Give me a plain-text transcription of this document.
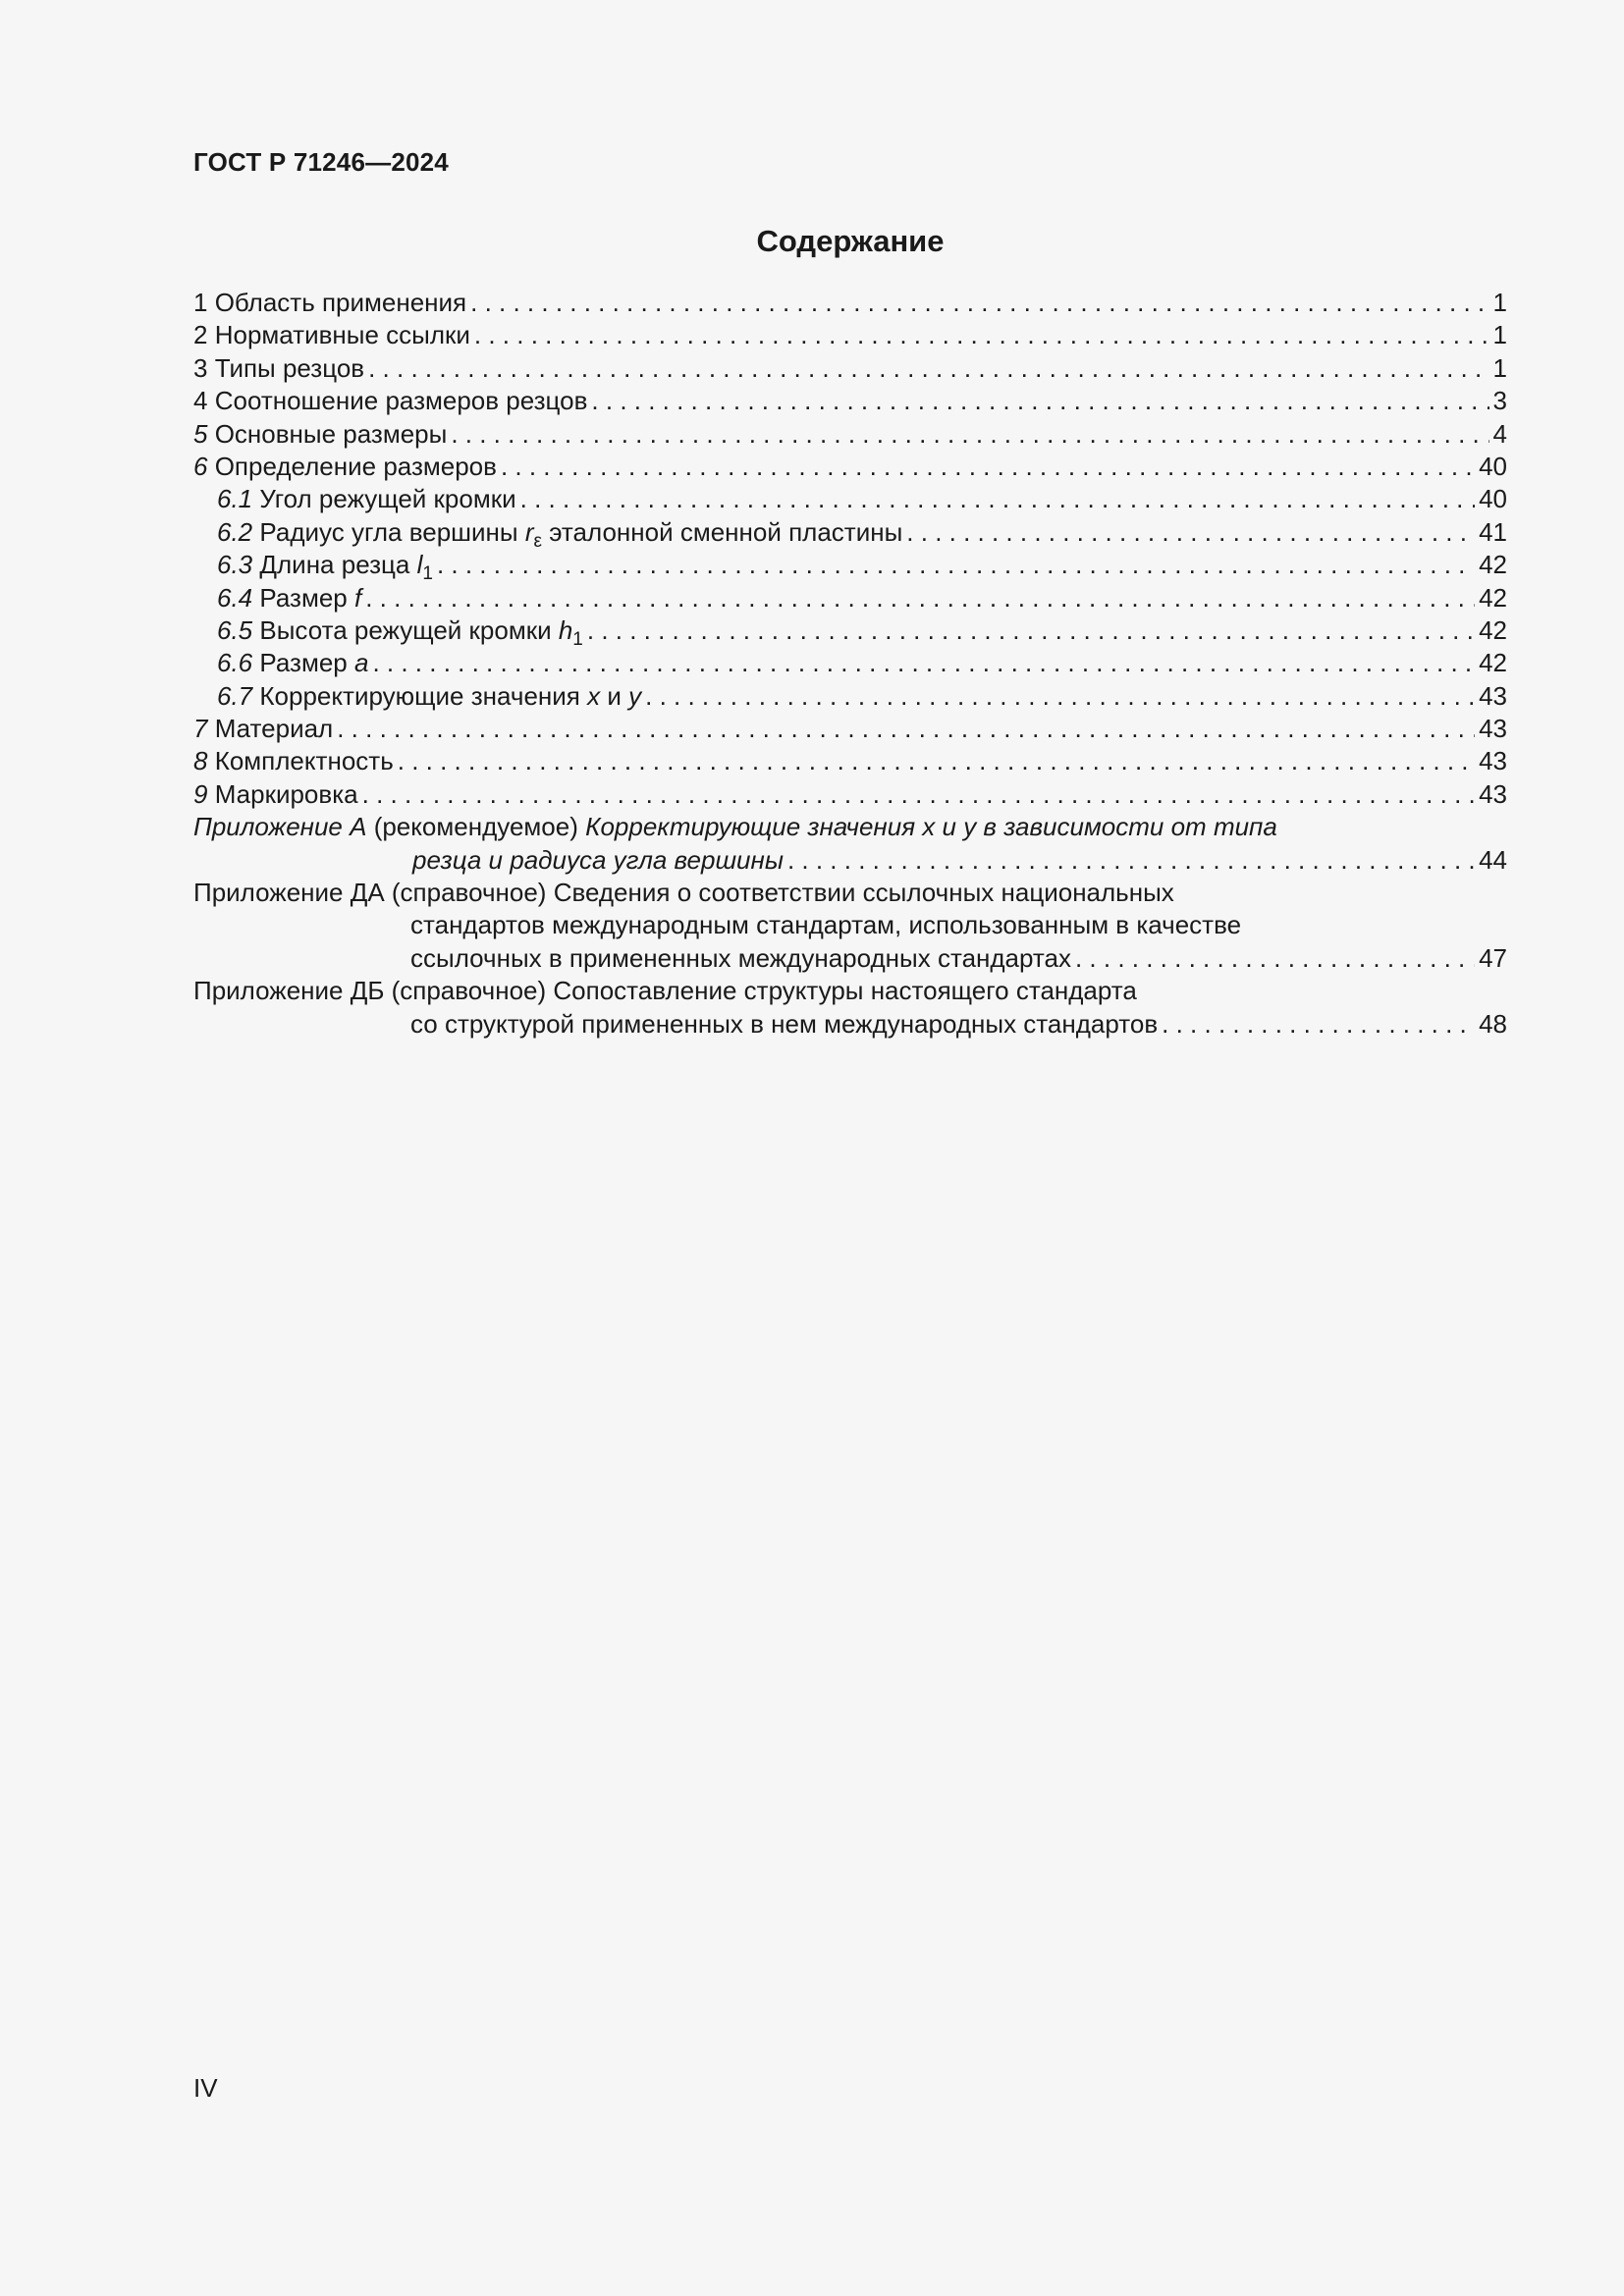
ГОСТ Р 71246—2024
Содержание
1 Область применения . . .	1
2 Нормативные ссылки . . .	1
3 Типы резцов . . .	1
4 Соотношение размеров резцов . . .	3
5 Основные размеры . . .	4
6 Определение размеров . . .	40
6.1 Угол режущей кромки . . .	40
6.2 Радиус угла вершины $r_\varepsilon$ эталонной сменной пластины . . .	41
6.3 Длина резца $l_1$ . . .	42
6.4 Размер f . . .	42
6.5 Высота режущей кромки $h_1$ . . .	42
6.6 Размер a . . .	42
6.7 Корректирующие значения x и y . . .	43
7 Материал . . .	43
8 Комплектность . . .	43
9 Маркировка . . .	43
Приложение А (рекомендуемое) Корректирующие значения x и y в зависимости от типа
резца и радиуса угла вершины . . .	44
Приложение ДА (справочное) Сведения о соответствии ссылочных национальных
стандартов международным стандартам, использованным в качестве
ссылочных в примененных международных стандартах . . .	47
Приложение ДБ (справочное) Сопоставление структуры настоящего стандарта
со структурой примененных в нем международных стандартов . . .	48
IV
